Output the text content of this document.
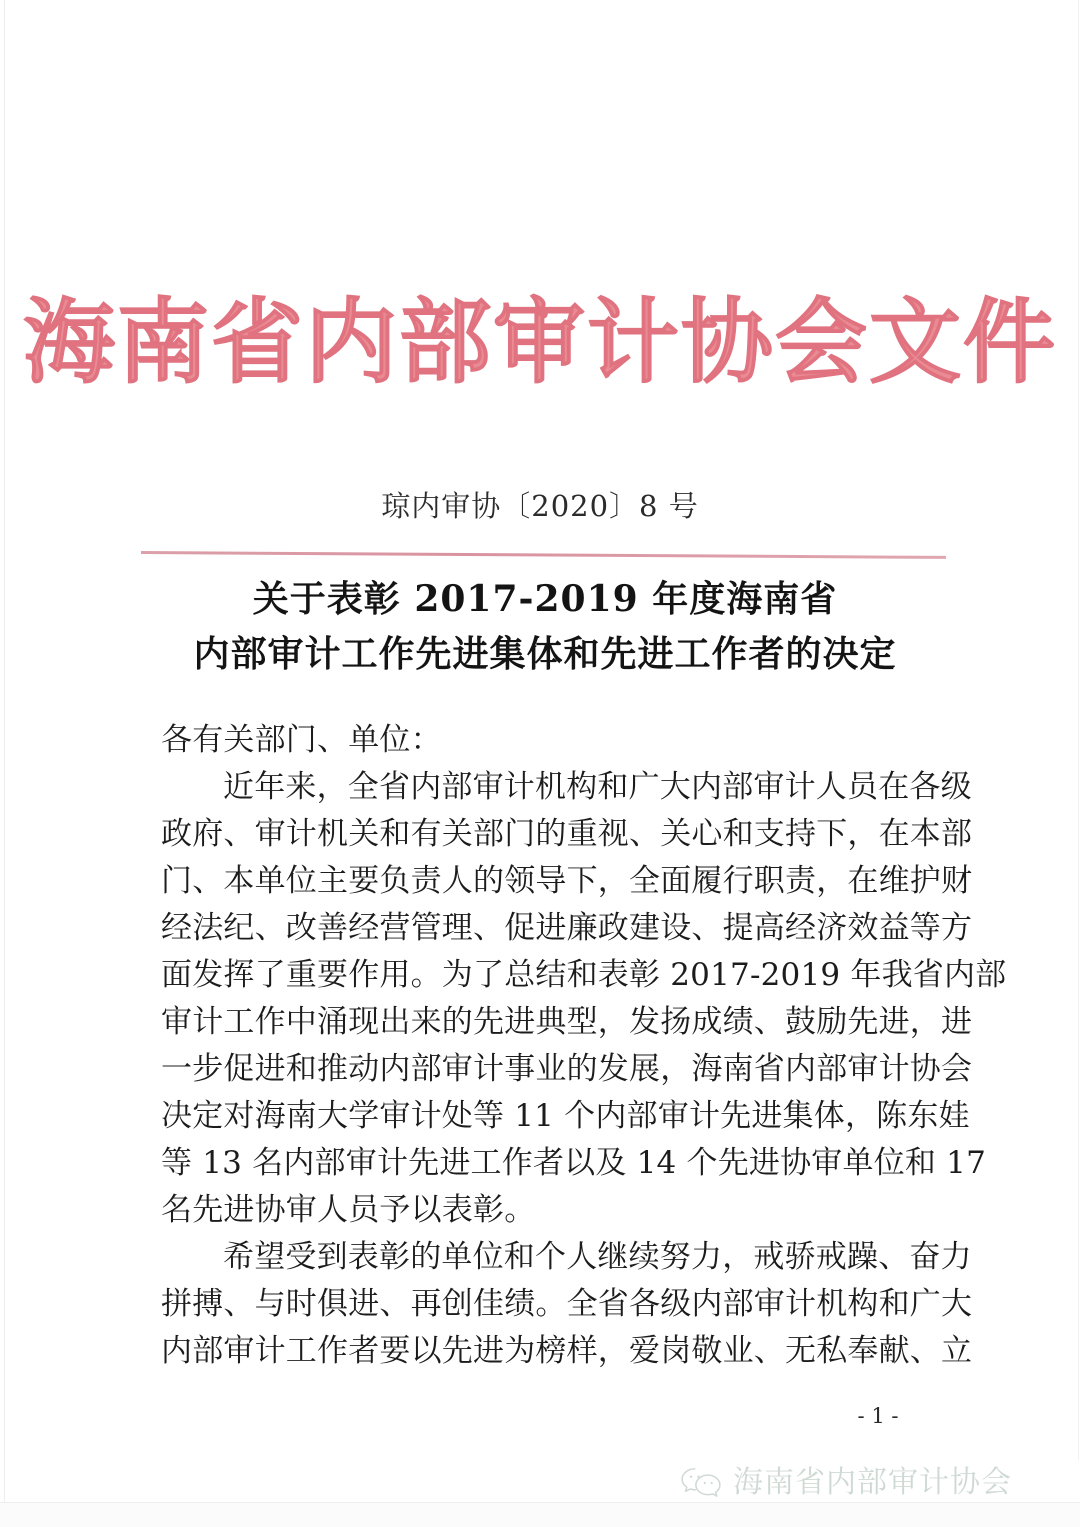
海南省内部审计协会文件
琼内审协〔2020〕8 号
关于表彰 2017-2019 年度海南省
内部审计工作先进集体和先进工作者的决定
各有关部门、单位：
近年来，全省内部审计机构和广大内部审计人员在各级
政府、审计机关和有关部门的重视、关心和支持下，在本部
门、本单位主要负责人的领导下，全面履行职责，在维护财
经法纪、改善经营管理、促进廉政建设、提高经济效益等方
面发挥了重要作用。为了总结和表彰 2017-2019 年我省内部
审计工作中涌现出来的先进典型，发扬成绩、鼓励先进，进
一步促进和推动内部审计事业的发展，海南省内部审计协会
决定对海南大学审计处等 11 个内部审计先进集体，陈东娃
等 13 名内部审计先进工作者以及 14 个先进协审单位和 17
名先进协审人员予以表彰。
希望受到表彰的单位和个人继续努力，戒骄戒躁、奋力
拼搏、与时俱进、再创佳绩。全省各级内部审计机构和广大
内部审计工作者要以先进为榜样，爱岗敬业、无私奉献、立
- 1 -
海南省内部审计协会
